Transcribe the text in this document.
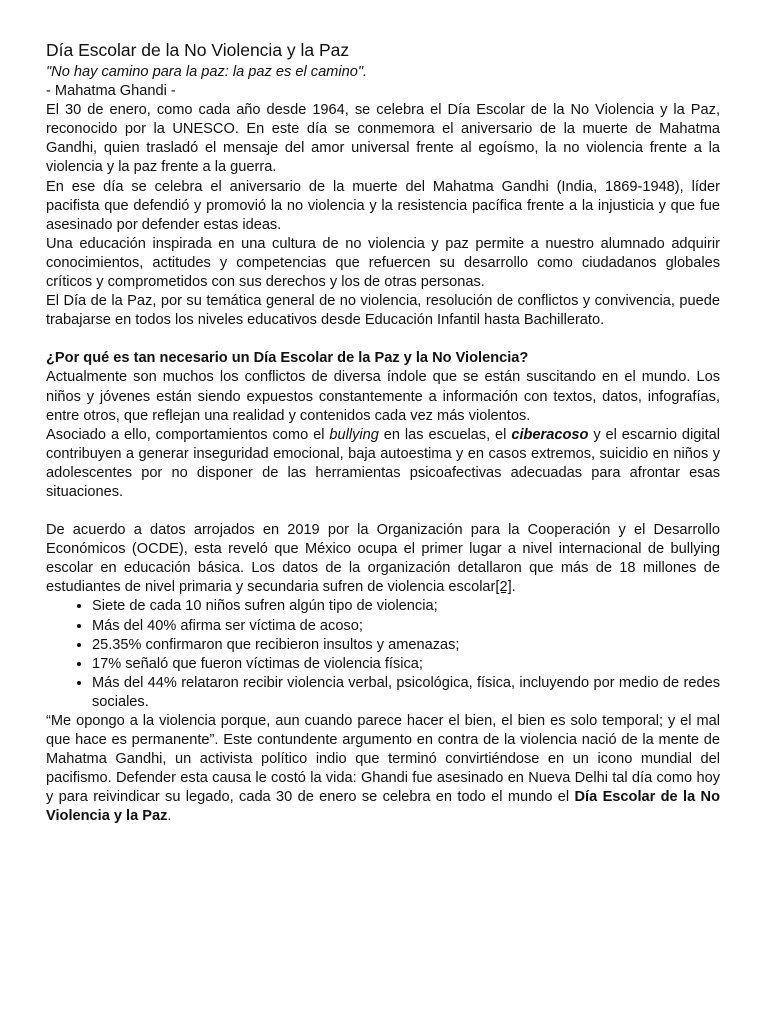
Día Escolar de la No Violencia y la Paz

"No hay camino para la paz: la paz es el camino".

- Mahatma Ghandi -

El 30 de enero, como cada año desde 1964, se celebra el Día Escolar de la No Violencia y la Paz, reconocido por la UNESCO. En este día se conmemora el aniversario de la muerte de Mahatma Gandhi, quien trasladó el mensaje del amor universal frente al egoísmo, la no violencia frente a la violencia y la paz frente a la guerra.

En ese día se celebra el aniversario de la muerte del Mahatma Gandhi (India, 1869-1948), líder pacifista que defendió y promovió la no violencia y la resistencia pacífica frente a la injusticia y que fue asesinado por defender estas ideas.

Una educación inspirada en una cultura de no violencia y paz permite a nuestro alumnado adquirir conocimientos, actitudes y competencias que refuercen su desarrollo como ciudadanos globales críticos y comprometidos con sus derechos y los de otras personas.

El Día de la Paz, por su temática general de no violencia, resolución de conflictos y convivencia, puede trabajarse en todos los niveles educativos desde Educación Infantil hasta Bachillerato.

¿Por qué es tan necesario un Día Escolar de la Paz y la No Violencia?

Actualmente son muchos los conflictos de diversa índole que se están suscitando en el mundo. Los niños y jóvenes están siendo expuestos constantemente a información con textos, datos, infografías, entre otros, que reflejan una realidad y contenidos cada vez más violentos.

Asociado a ello, comportamientos como el bullying en las escuelas, el ciberacoso y el escarnio digital contribuyen a generar inseguridad emocional, baja autoestima y en casos extremos, suicidio en niños y adolescentes por no disponer de las herramientas psicoafectivas adecuadas para afrontar esas situaciones.

De acuerdo a datos arrojados en 2019 por la Organización para la Cooperación y el Desarrollo Económicos (OCDE), esta reveló que México ocupa el primer lugar a nivel internacional de bullying escolar en educación básica. Los datos de la organización detallaron que más de 18 millones de estudiantes de nivel primaria y secundaria sufren de violencia escolar[2].

• Siete de cada 10 niños sufren algún tipo de violencia;
• Más del 40% afirma ser víctima de acoso;
• 25.35% confirmaron que recibieron insultos y amenazas;
• 17% señaló que fueron víctimas de violencia física;
• Más del 44% relataron recibir violencia verbal, psicológica, física, incluyendo por medio de redes sociales.

“Me opongo a la violencia porque, aun cuando parece hacer el bien, el bien es solo temporal; y el mal que hace es permanente”. Este contundente argumento en contra de la violencia nació de la mente de Mahatma Gandhi, un activista político indio que terminó convirtiéndose en un icono mundial del pacifismo. Defender esta causa le costó la vida: Ghandi fue asesinado en Nueva Delhi tal día como hoy y para reivindicar su legado, cada 30 de enero se celebra en todo el mundo el Día Escolar de la No Violencia y la Paz.
